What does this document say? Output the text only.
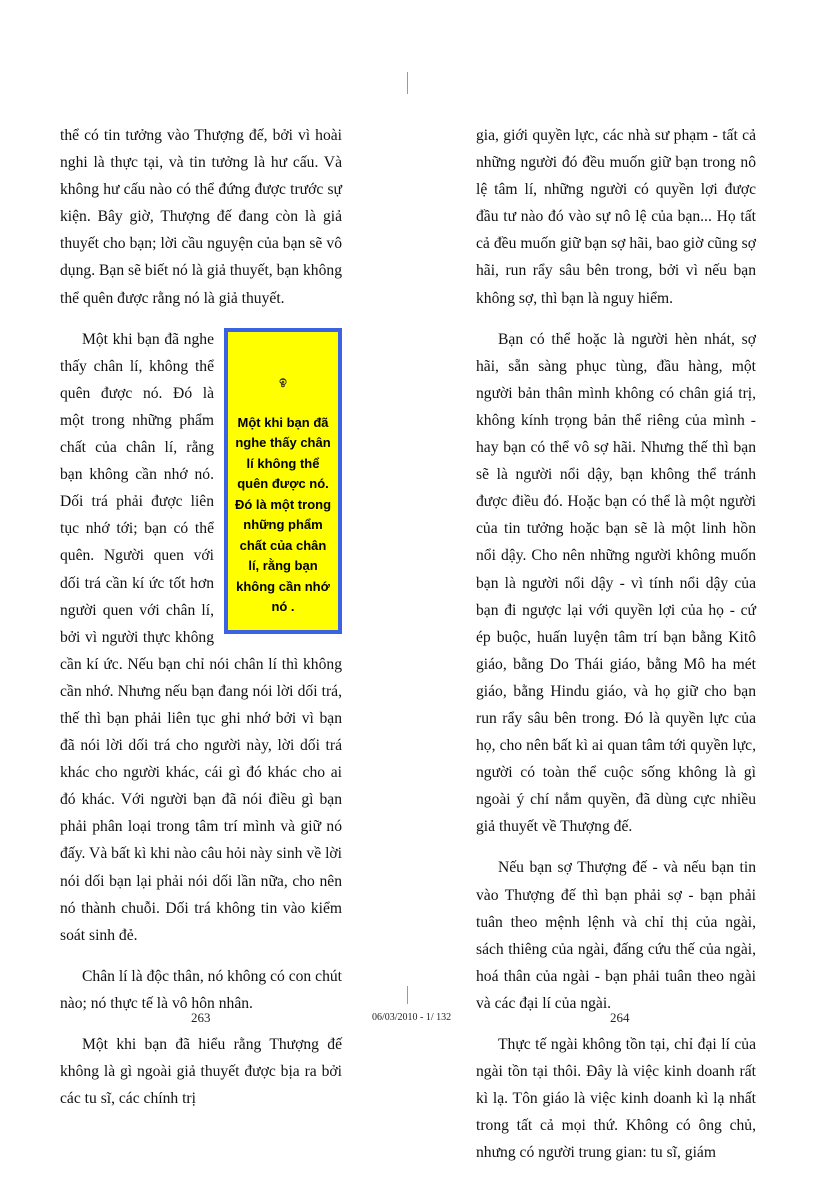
thể có tin tưởng vào Thượng đế, bởi vì hoài nghi là thực tại, và tin tưởng là hư cấu. Và không hư cấu nào có thể đứng được trước sự kiện. Bây giờ, Thượng đế đang còn là giả thuyết cho bạn; lời cầu nguyện của bạn sẽ vô dụng. Bạn sẽ biết nó là giả thuyết, bạn không thể quên được rằng nó là giả thuyết.

ඉ
Một khi bạn đã nghe thấy chân lí không thể quên được nó. Đó là một trong những phẩm chất của chân lí, rằng bạn không cần nhớ nó .

Một khi bạn đã nghe thấy chân lí, không thể quên được nó. Đó là một trong những phẩm chất của chân lí, rằng bạn không cần nhớ nó. Dối trá phải được liên tục nhớ tới; bạn có thể quên. Người quen với dối trá cần kí ức tốt hơn người quen với chân lí, bởi vì người thực không cần kí ức. Nếu bạn chỉ nói chân lí thì không cần nhớ. Nhưng nếu bạn đang nói lời dối trá, thế thì bạn phải liên tục ghi nhớ bởi vì bạn đã nói lời dối trá cho người này, lời dối trá khác cho người khác, cái gì đó khác cho ai đó khác. Với người bạn đã nói điều gì bạn phải phân loại trong tâm trí mình và giữ nó đấy. Và bất kì khi nào câu hỏi này sinh về lời nói dối bạn lại phải nói dối lần nữa, cho nên nó thành chuỗi. Dối trá không tin vào kiểm soát sinh đẻ.

Chân lí là độc thân, nó không có con chút nào; nó thực tế là vô hôn nhân.

Một khi bạn đã hiểu rằng Thượng đế không là gì ngoài giả thuyết được bịa ra bởi các tu sĩ, các chính trị

gia, giới quyền lực, các nhà sư phạm - tất cả những người đó đều muốn giữ bạn trong nô lệ tâm lí, những người có quyền lợi được đầu tư nào đó vào sự nô lệ của bạn... Họ tất cả đều muốn giữ bạn sợ hãi, bao giờ cũng sợ hãi, run rẩy sâu bên trong, bởi vì nếu bạn không sợ, thì bạn là nguy hiểm.

Bạn có thể hoặc là người hèn nhát, sợ hãi, sẵn sàng phục tùng, đầu hàng, một người bản thân mình không có chân giá trị, không kính trọng bản thể riêng của mình - hay bạn có thể vô sợ hãi. Nhưng thế thì bạn sẽ là người nổi dậy, bạn không thể tránh được điều đó. Hoặc bạn có thể là một người của tin tưởng hoặc bạn sẽ là một linh hồn nổi dậy. Cho nên những người không muốn bạn là người nổi dậy - vì tính nổi dậy của bạn đi ngược lại với quyền lợi của họ - cứ ép buộc, huấn luyện tâm trí bạn bằng Kitô giáo, bằng Do Thái giáo, bằng Mô ha mét giáo, bằng Hindu giáo, và họ giữ cho bạn run rẩy sâu bên trong. Đó là quyền lực của họ, cho nên bất kì ai quan tâm tới quyền lực, người có toàn thể cuộc sống không là gì ngoài ý chí nắm quyền, đã dùng cực nhiều giả thuyết về Thượng đế.

Nếu bạn sợ Thượng đế - và nếu bạn tin vào Thượng đế thì bạn phải sợ - bạn phải tuân theo mệnh lệnh và chỉ thị của ngài, sách thiêng của ngài, đấng cứu thế của ngài, hoá thân của ngài - bạn phải tuân theo ngài và các đại lí của ngài.

Thực tế ngài không tồn tại, chỉ đại lí của ngài tồn tại thôi. Đây là việc kinh doanh rất kì lạ. Tôn giáo là việc kinh doanh kì lạ nhất trong tất cả mọi thứ. Không có ông chủ, nhưng có người trung gian: tu sĩ, giám

263	06/03/2010 - 1/ 132	264
